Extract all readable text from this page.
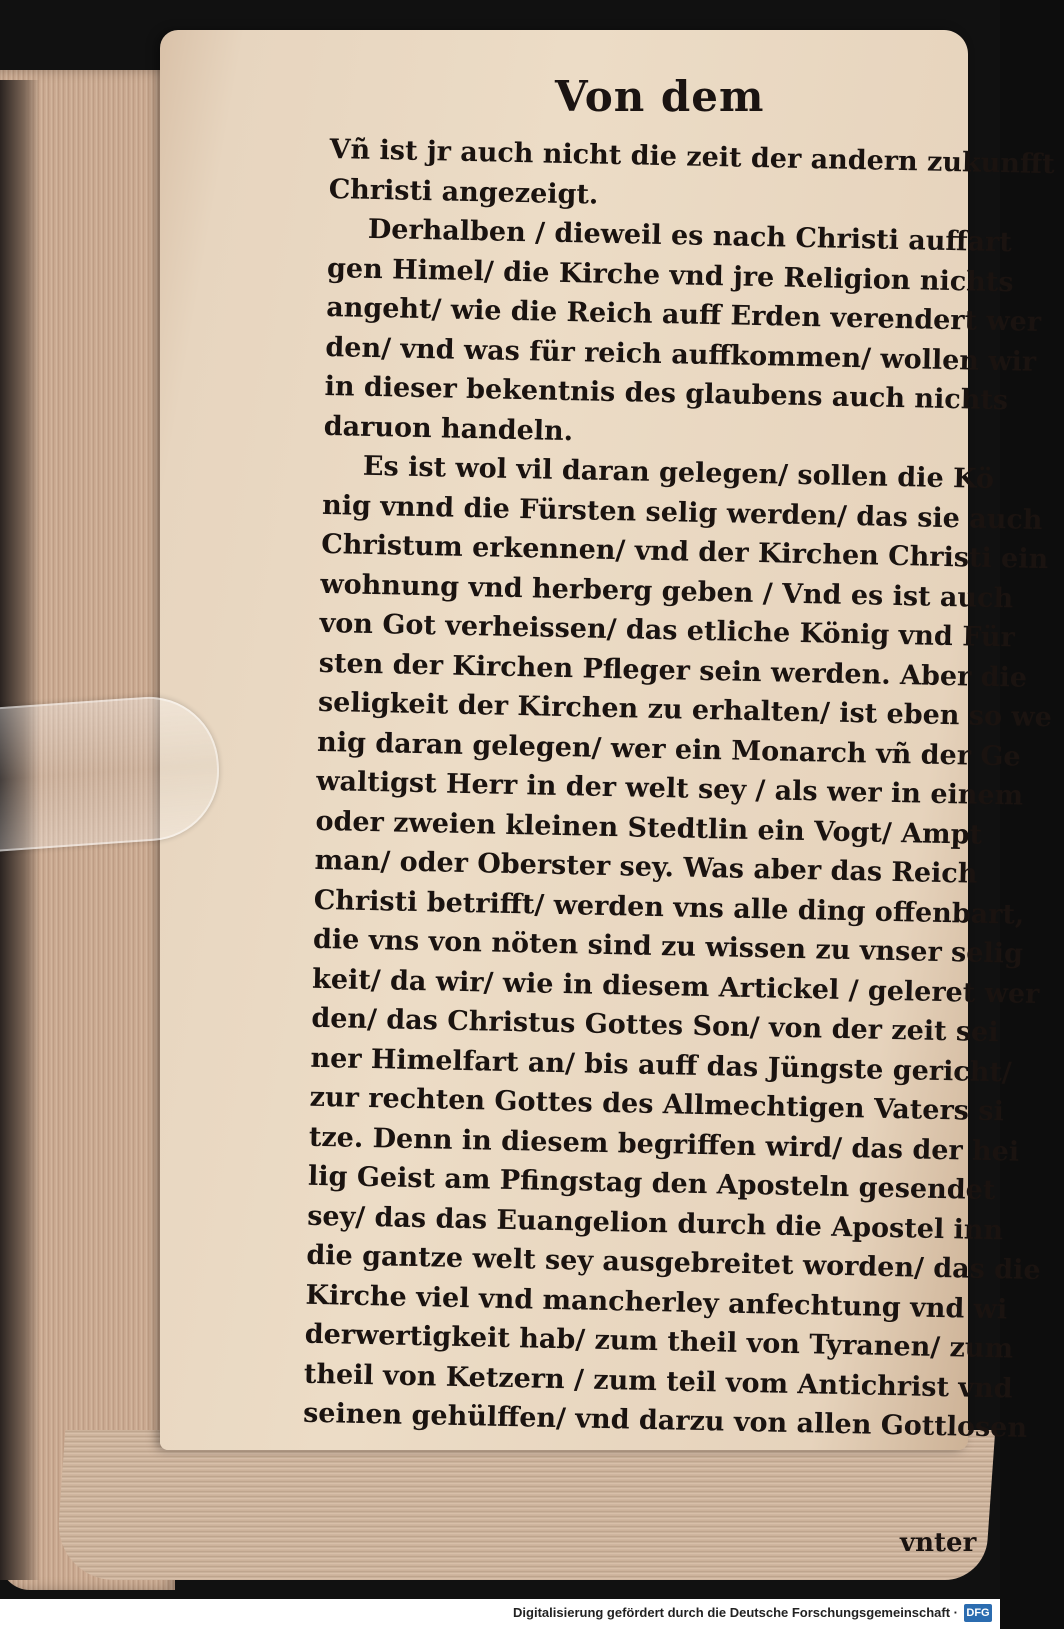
Von dem
Vñ ist jr auch nicht die zeit der andern zukunfft
Christi angezeigt.
Derhalben / dieweil es nach Christi auffart
gen Himel/ die Kirche vnd jre Religion nichts
angeht/ wie die Reich auff Erden verendert wer
den/ vnd was für reich auffkommen/ wollen wir
in dieser bekentnis des glaubens auch nichts
daruon handeln.
Es ist wol vil daran gelegen/ sollen die Kö
nig vnnd die Fürsten selig werden/ das sie auch
Christum erkennen/ vnd der Kirchen Christi ein
wohnung vnd herberg geben / Vnd es ist auch
von Got verheissen/ das etliche König vnd Für
sten der Kirchen Pfleger sein werden. Aber die
seligkeit der Kirchen zu erhalten/ ist eben so we
nig daran gelegen/ wer ein Monarch vñ der Ge
waltigst Herr in der welt sey / als wer in einem
oder zweien kleinen Stedtlin ein Vogt/ Ampt
man/ oder Oberster sey. Was aber das Reich
Christi betrifft/ werden vns alle ding offenbart,
die vns von nöten sind zu wissen zu vnser selig
keit/ da wir/ wie in diesem Artickel / geleret wer
den/ das Christus Gottes Son/ von der zeit sei
ner Himelfart an/ bis auff das Jüngste gericht/
zur rechten Gottes des Allmechtigen Vaters si
tze. Denn in diesem begriffen wird/ das der hei
lig Geist am Pfingstag den Aposteln gesendet
sey/ das das Euangelion durch die Apostel inn
die gantze welt sey ausgebreitet worden/ das die
Kirche viel vnd mancherley anfechtung vnd wi
derwertigkeit hab/ zum theil von Tyranen/ zum
theil von Ketzern / zum teil vom Antichrist vnd
seinen gehülffen/ vnd darzu von allen Gottlosen
vnter
Digitalisierung gefördert durch die Deutsche Forschungsgemeinschaft · DFG
